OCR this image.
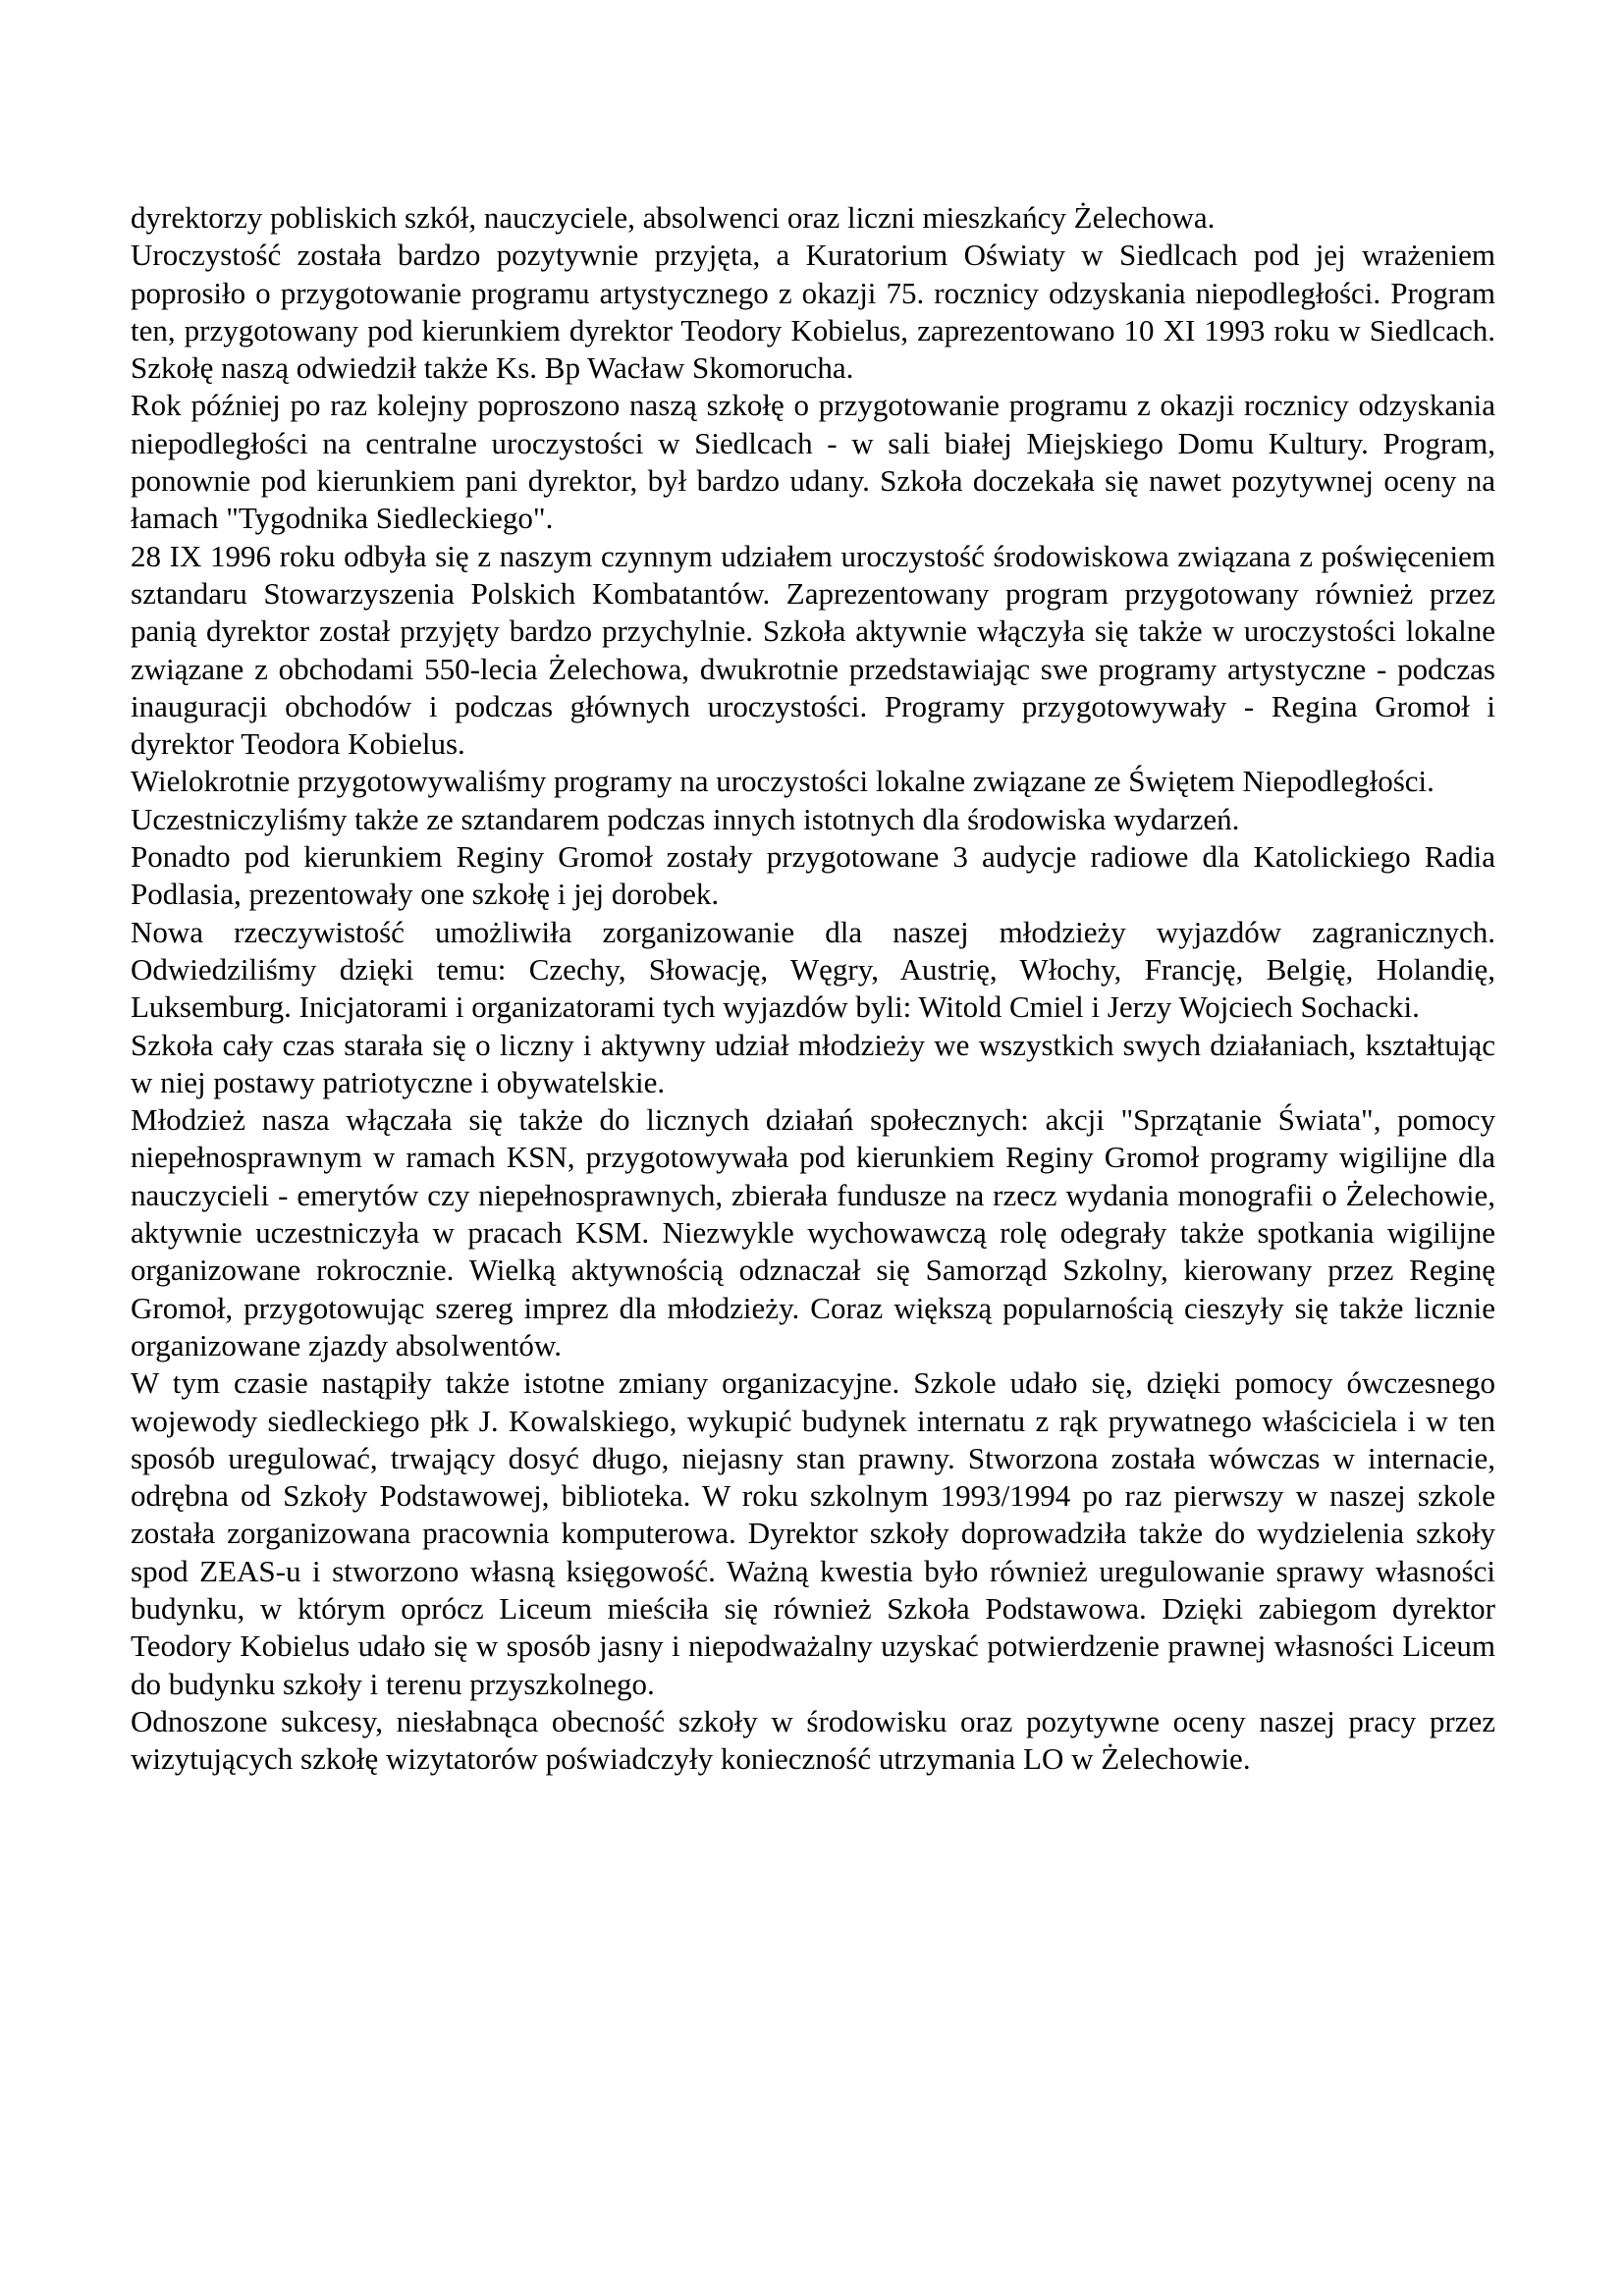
dyrektorzy pobliskich szkół, nauczyciele, absolwenci oraz liczni mieszkańcy Żelechowa.

Uroczystość została bardzo pozytywnie przyjęta, a Kuratorium Oświaty w Siedlcach pod jej wrażeniem poprosiło o przygotowanie programu artystycznego z okazji 75. rocznicy odzyskania niepodległości. Program ten, przygotowany pod kierunkiem dyrektor Teodory Kobielus, zaprezentowano 10 XI 1993 roku w Siedlcach. Szkołę naszą odwiedził także Ks. Bp Wacław Skomorucha.

Rok później po raz kolejny poproszono naszą szkołę o przygotowanie programu z okazji rocznicy odzyskania niepodległości na centralne uroczystości w Siedlcach - w sali białej Miejskiego Domu Kultury. Program, ponownie pod kierunkiem pani dyrektor, był bardzo udany. Szkoła doczekała się nawet pozytywnej oceny na łamach "Tygodnika Siedleckiego".

28 IX 1996 roku odbyła się z naszym czynnym udziałem uroczystość środowiskowa związana z poświęceniem sztandaru Stowarzyszenia Polskich Kombatantów. Zaprezentowany program przygotowany również przez panią dyrektor został przyjęty bardzo przychylnie. Szkoła aktywnie włączyła się także w uroczystości lokalne związane z obchodami 550-lecia Żelechowa, dwukrotnie przedstawiając swe programy artystyczne - podczas inauguracji obchodów i podczas głównych uroczystości. Programy przygotowywały - Regina Gromoł i dyrektor Teodora Kobielus.

Wielokrotnie przygotowywaliśmy programy na uroczystości lokalne związane ze Świętem Niepodległości.

Uczestniczyliśmy także ze sztandarem podczas innych istotnych dla środowiska wydarzeń.

Ponadto pod kierunkiem Reginy Gromoł zostały przygotowane 3 audycje radiowe dla Katolickiego Radia Podlasia, prezentowały one szkołę i jej dorobek.

Nowa rzeczywistość umożliwiła zorganizowanie dla naszej młodzieży wyjazdów zagranicznych. Odwiedziliśmy dzięki temu: Czechy, Słowację, Węgry, Austrię, Włochy, Francję, Belgię, Holandię, Luksemburg. Inicjatorami i organizatorami tych wyjazdów byli: Witold Cmiel i Jerzy Wojciech Sochacki.

Szkoła cały czas starała się o liczny i aktywny udział młodzieży we wszystkich swych działaniach, kształtując w niej postawy patriotyczne i obywatelskie.

Młodzież nasza włączała się także do licznych działań społecznych: akcji "Sprzątanie Świata", pomocy niepełnosprawnym w ramach KSN, przygotowywała pod kierunkiem Reginy Gromoł programy wigilijne dla nauczycieli - emerytów czy niepełnosprawnych, zbierała fundusze na rzecz wydania monografii o Żelechowie, aktywnie uczestniczyła w pracach KSM. Niezwykle wychowawczą rolę odegrały także spotkania wigilijne organizowane rokrocznie. Wielką aktywnością odznaczał się Samorząd Szkolny, kierowany przez Reginę Gromoł, przygotowując szereg imprez dla młodzieży. Coraz większą popularnością cieszyły się także licznie organizowane zjazdy absolwentów.

W tym czasie nastąpiły także istotne zmiany organizacyjne. Szkole udało się, dzięki pomocy ówczesnego wojewody siedleckiego płk J. Kowalskiego, wykupić budynek internatu z rąk prywatnego właściciela i w ten sposób uregulować, trwający dosyć długo, niejasny stan prawny. Stworzona została wówczas w internacie, odrębna od Szkoły Podstawowej, biblioteka. W roku szkolnym 1993/1994 po raz pierwszy w naszej szkole została zorganizowana pracownia komputerowa. Dyrektor szkoły doprowadziła także do wydzielenia szkoły spod ZEAS-u i stworzono własną księgowość. Ważną kwestia było również uregulowanie sprawy własności budynku, w którym oprócz Liceum mieściła się również Szkoła Podstawowa. Dzięki zabiegom dyrektor Teodory Kobielus udało się w sposób jasny i niepodważalny uzyskać potwierdzenie prawnej własności Liceum do budynku szkoły i terenu przyszkolnego.

Odnoszone sukcesy, niesłabnąca obecność szkoły w środowisku oraz pozytywne oceny naszej pracy przez wizytujących szkołę wizytatorów poświadczyły konieczność utrzymania LO w Żelechowie.
